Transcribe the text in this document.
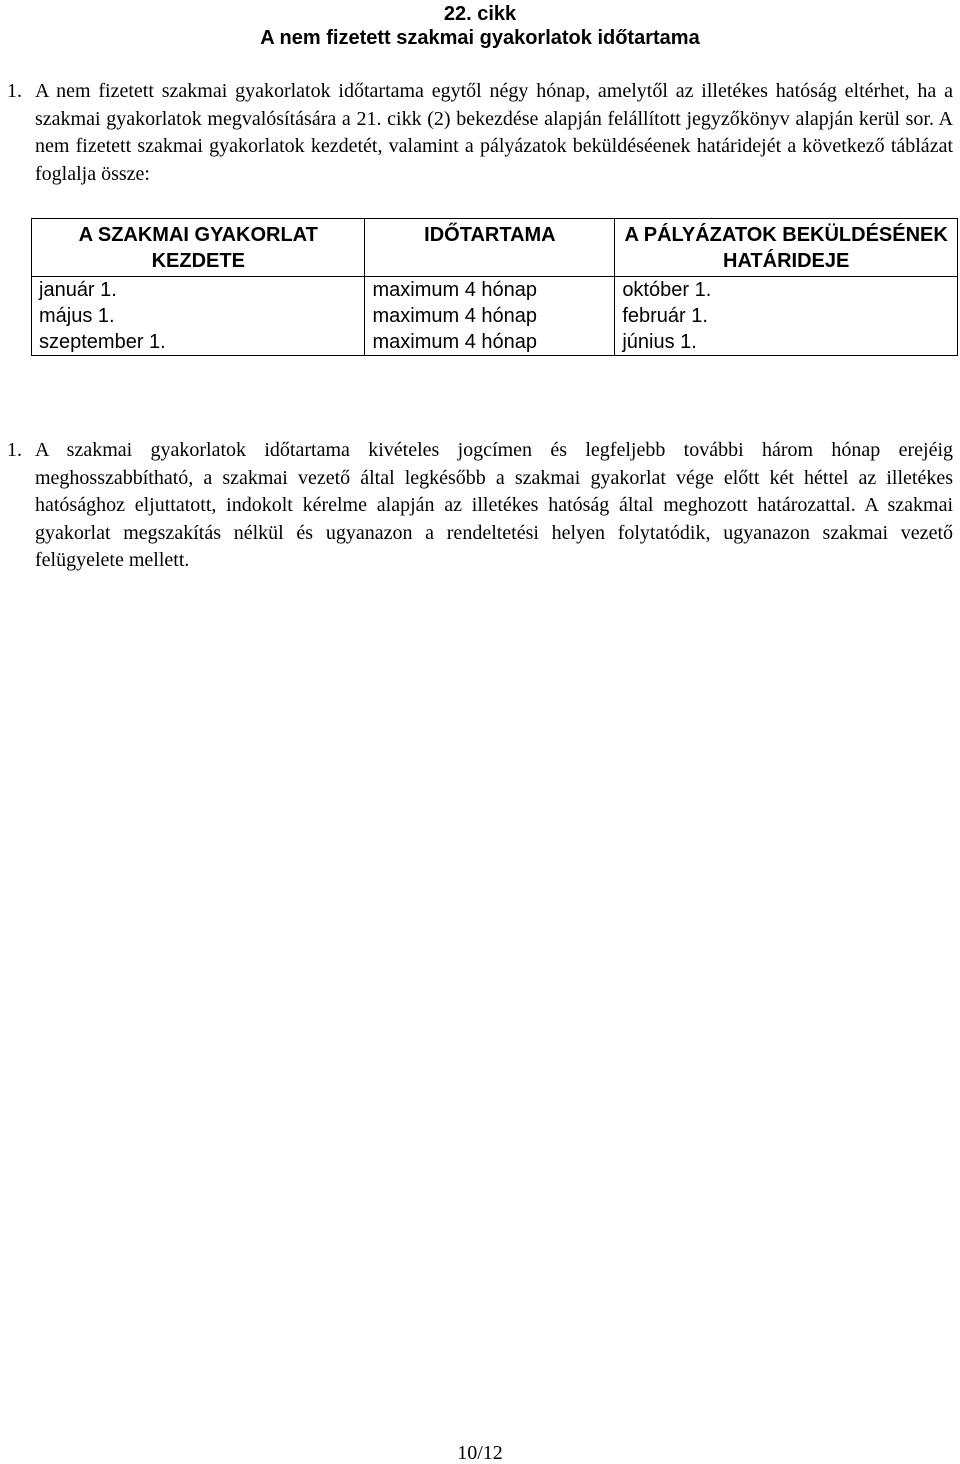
22. cikk
A nem fizetett szakmai gyakorlatok időtartama
1. A nem fizetett szakmai gyakorlatok időtartama egytől négy hónap, amelytől az illetékes hatóság eltérhet, ha a szakmai gyakorlatok megvalósítására a 21. cikk (2) bekezdése alapján felállított jegyzőkönyv alapján kerül sor. A nem fizetett szakmai gyakorlatok kezdetét, valamint a pályázatok beküldéséenek határidejét a következő táblázat foglalja össze:
A SZAKMAI GYAKORLAT KEZDETE	IDŐTARTAMA	A PÁLYÁZATOK BEKÜLDÉSÉNEK HATÁRIDEJE
január 1.	maximum 4 hónap	október 1.
május 1.	maximum 4 hónap	február 1.
szeptember 1.	maximum 4 hónap	június 1.
1. A szakmai gyakorlatok időtartama kivételes jogcímen és legfeljebb további három hónap erejéig meghosszabbítható, a szakmai vezető által legkésőbb a szakmai gyakorlat vége előtt két héttel az illetékes hatósághoz eljuttatott, indokolt kérelme alapján az illetékes hatóság által meghozott határozattal. A szakmai gyakorlat megszakítás nélkül és ugyanazon a rendeltetési helyen folytatódik, ugyanazon szakmai vezető felügyelete mellett.
10/12
